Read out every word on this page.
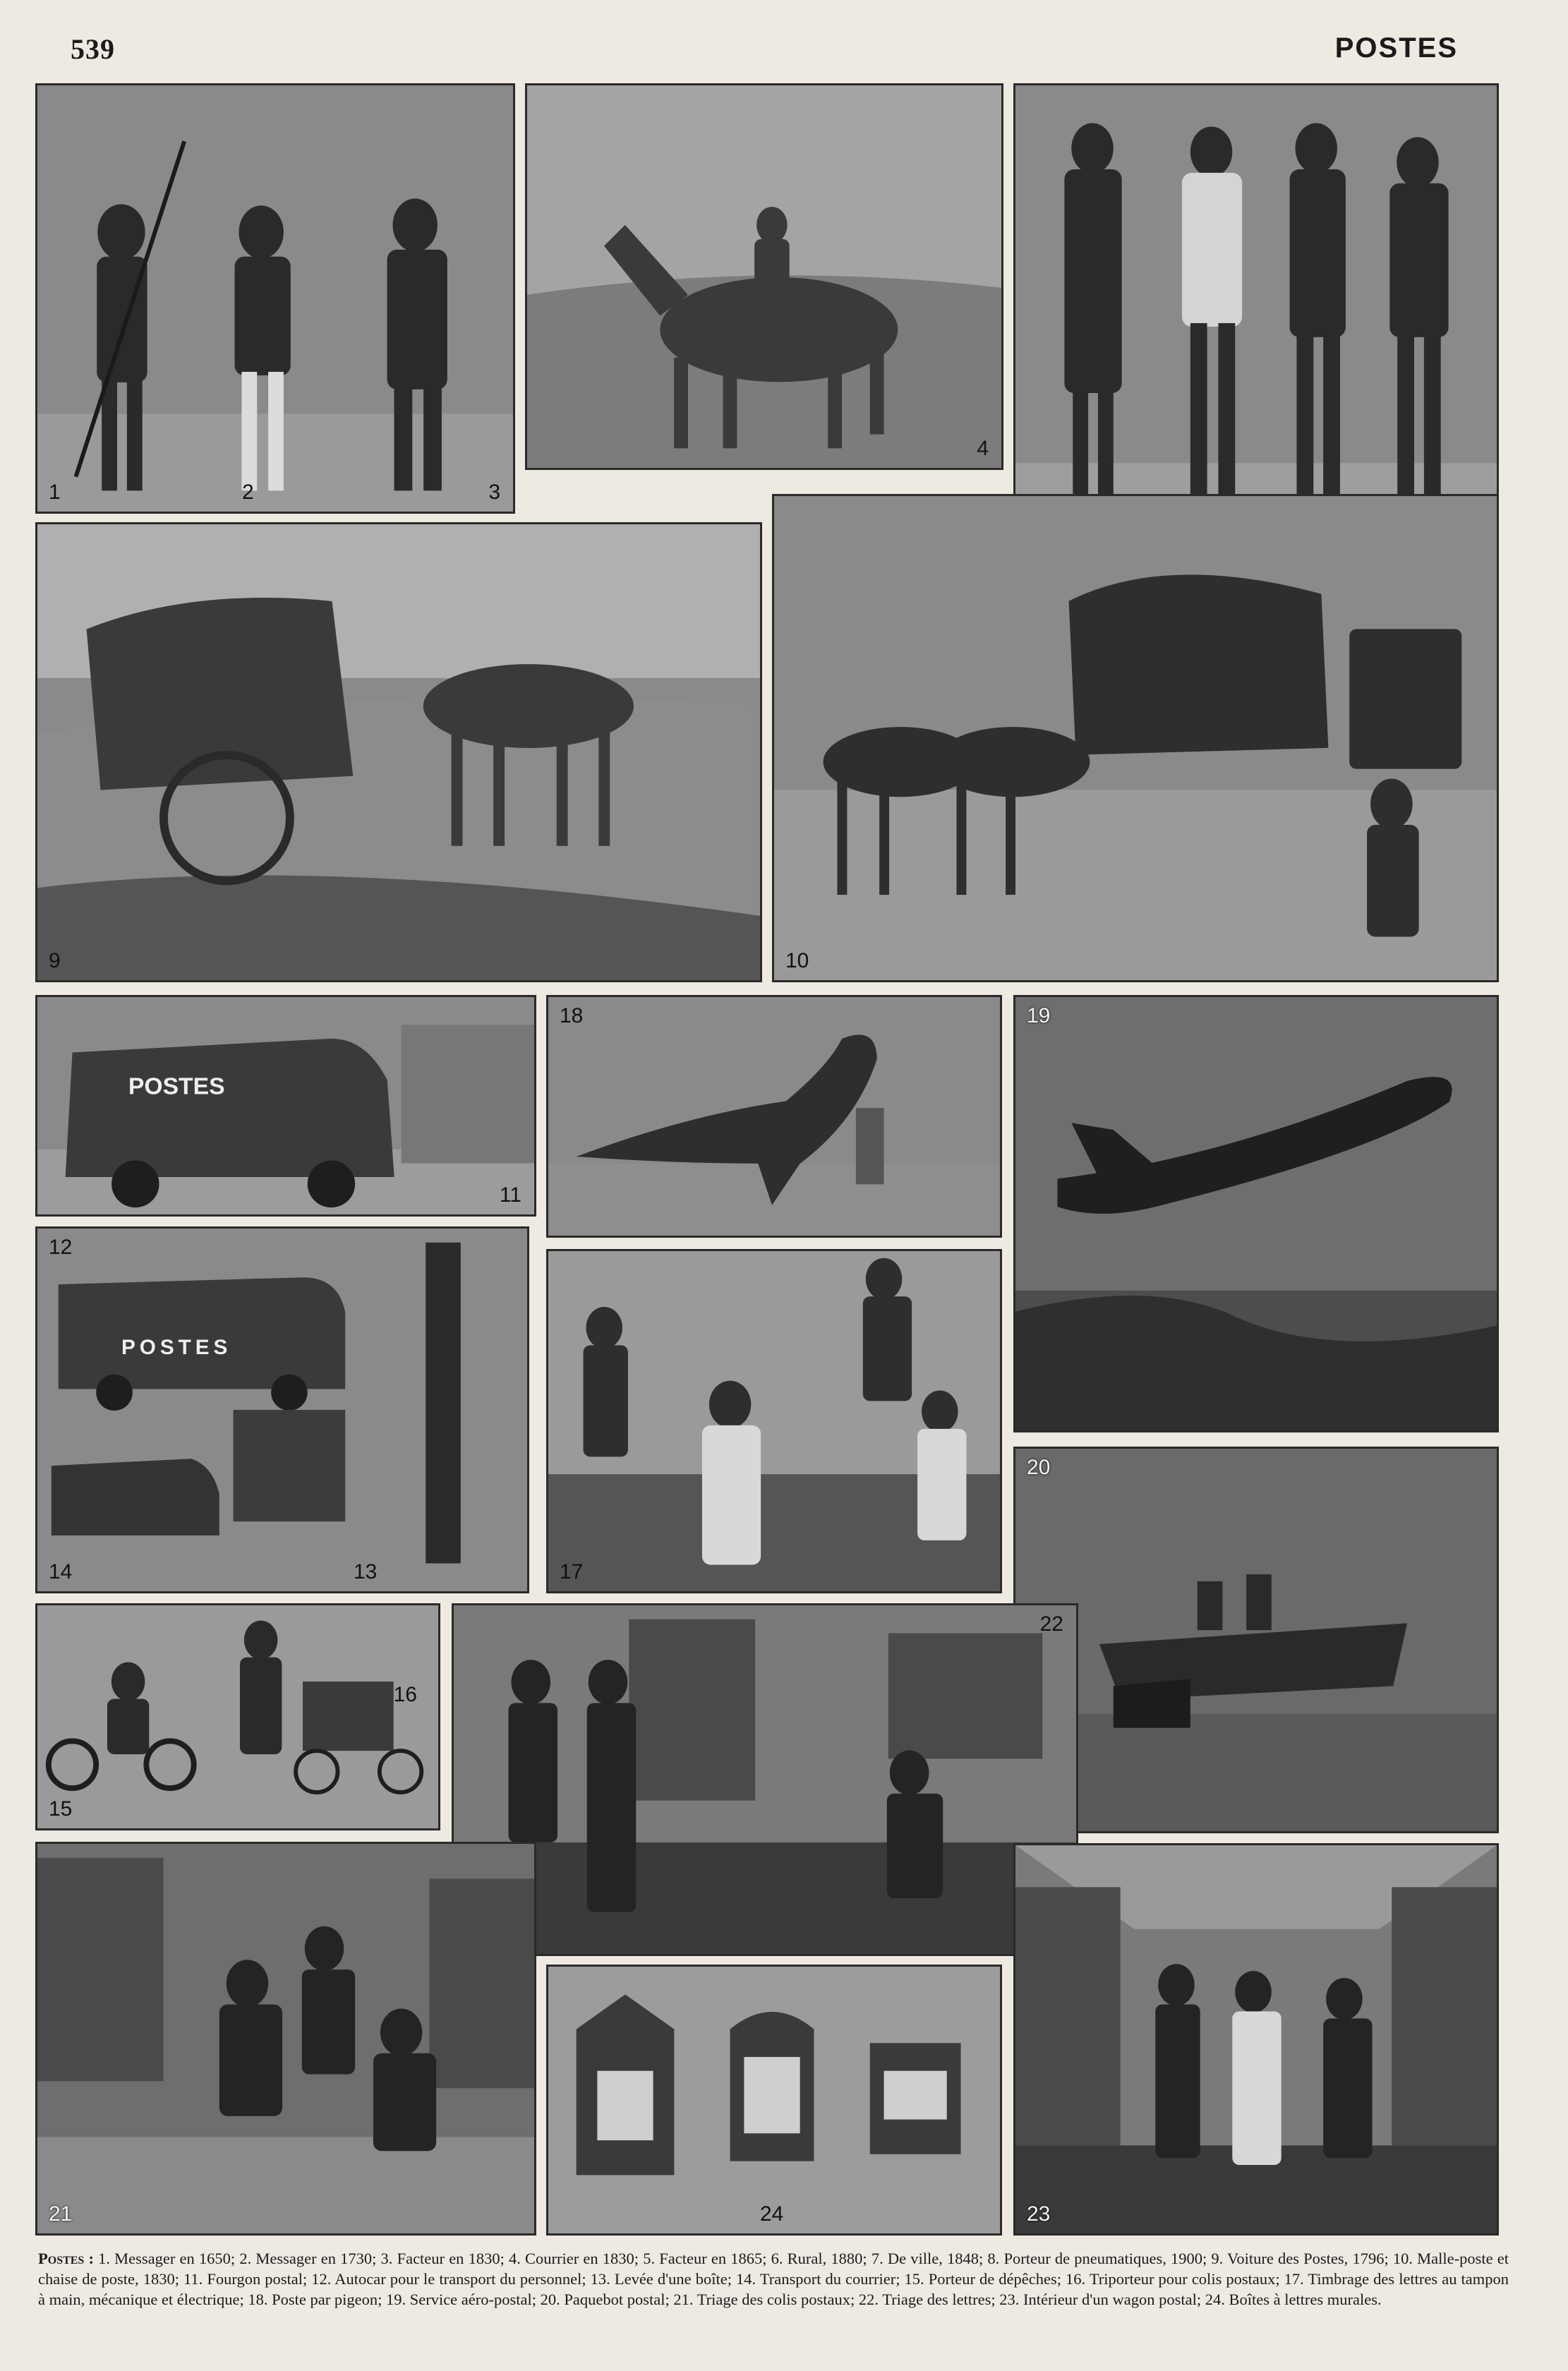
539	POSTES
1	2	3
4
9	10
POSTES
11
18	19
POSTES
12
13
14	17
20
15
16
22
21	24	23
Postes : 1. Messager en 1650; 2. Messager en 1730; 3. Facteur en 1830; 4. Courrier en 1830; 5. Facteur en 1865; 6. Rural, 1880; 7. De ville, 1848; 8. Porteur de pneumatiques, 1900; 9. Voiture des Postes, 1796; 10. Malle-poste et chaise de poste, 1830; 11. Fourgon postal; 12. Autocar pour le transport du personnel; 13. Levée d'une boîte; 14. Transport du courrier; 15. Porteur de dépêches; 16. Triporteur pour colis postaux; 17. Timbrage des lettres au tampon à main, mécanique et électrique; 18. Poste par pigeon; 19. Service aéro-postal; 20. Paquebot postal; 21. Triage des colis postaux; 22. Triage des lettres; 23. Intérieur d'un wagon postal; 24. Boîtes à lettres murales.
